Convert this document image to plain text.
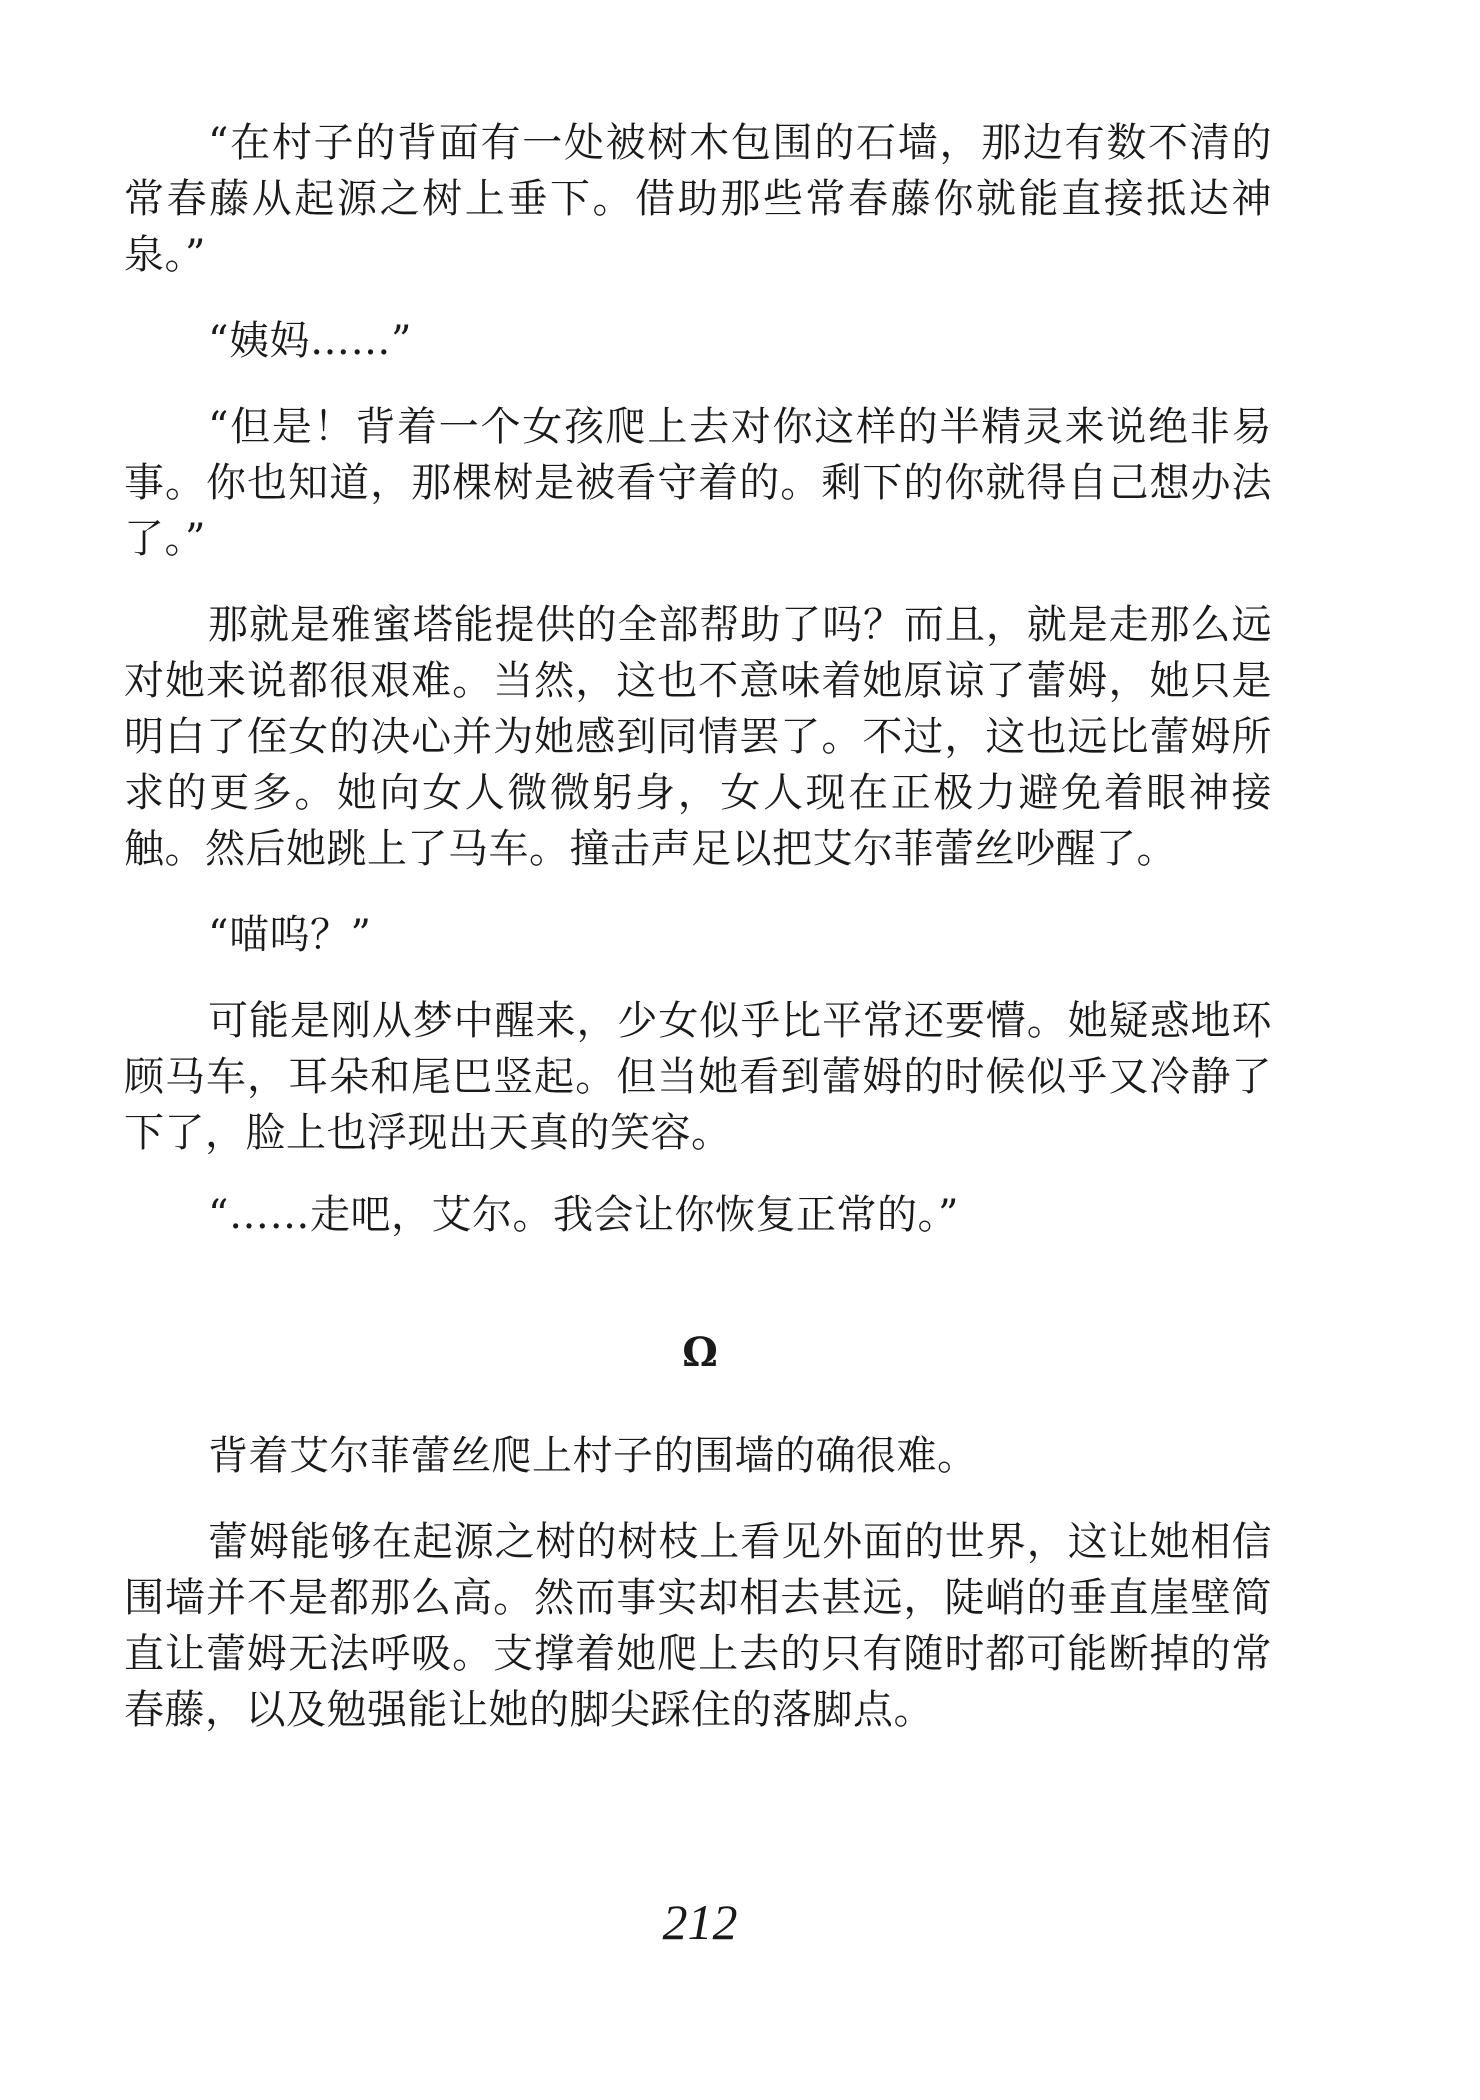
“在村子的背面有一处被树木包围的石墙，那边有数不清的常春藤从起源之树上垂下。借助那些常春藤你就能直接抵达神泉。”

“姨妈……”

“但是！背着一个女孩爬上去对你这样的半精灵来说绝非易事。你也知道，那棵树是被看守着的。剩下的你就得自己想办法了。”

那就是雅蜜塔能提供的全部帮助了吗？而且，就是走那么远对她来说都很艰难。当然，这也不意味着她原谅了蕾姆，她只是明白了侄女的决心并为她感到同情罢了。不过，这也远比蕾姆所求的更多。她向女人微微躬身，女人现在正极力避免着眼神接触。然后她跳上了马车。撞击声足以把艾尔菲蕾丝吵醒了。

“喵呜？”

可能是刚从梦中醒来，少女似乎比平常还要懵。她疑惑地环顾马车，耳朵和尾巴竖起。但当她看到蕾姆的时候似乎又冷静了下了，脸上也浮现出天真的笑容。

“……走吧，艾尔。我会让你恢复正常的。”

Ω

背着艾尔菲蕾丝爬上村子的围墙的确很难。

蕾姆能够在起源之树的树枝上看见外面的世界，这让她相信围墙并不是都那么高。然而事实却相去甚远，陡峭的垂直崖壁简直让蕾姆无法呼吸。支撑着她爬上去的只有随时都可能断掉的常春藤，以及勉强能让她的脚尖踩住的落脚点。

212
